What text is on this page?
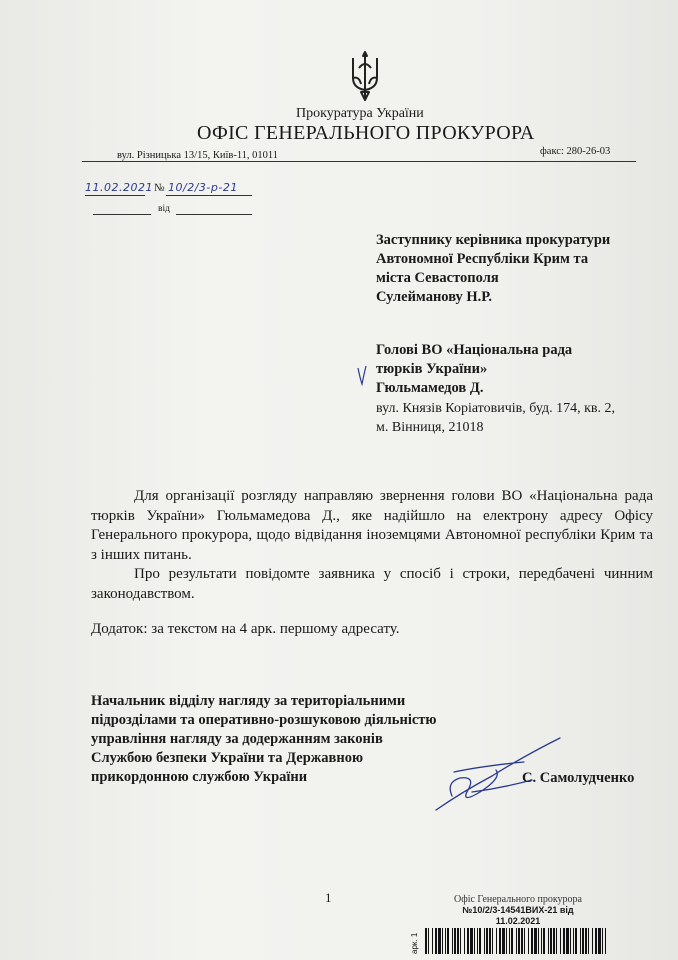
Прокуратура України
ОФІС ГЕНЕРАЛЬНОГО ПРОКУРОРА
вул. Різницька 13/15, Київ-11, 01011	факс: 280-26-03
11.02.2021 № 10/2/3-р-21
від
Заступнику керівника прокуратури
Автономної Республіки Крим та
міста Севастополя
Сулейманову Н.Р.
Голові ВО «Національна рада
тюрків України»
Гюльмамедов Д.
вул. Князів Коріатовичів, буд. 174, кв. 2,
м. Вінниця, 21018
Для організації розгляду направляю звернення голови ВО «Національна рада тюрків України» Гюльмамедова Д., яке надійшло на електрону адресу Офісу Генерального прокурора, щодо відвідання іноземцями Автономної республіки Крим та з інших питань.
Про результати повідомте заявника у спосіб і строки, передбачені чинним законодавством.
Додаток: за текстом на 4 арк. першому адресату.
Начальник відділу нагляду за територіальними
підрозділами та оперативно-розшуковою діяльністю
управління нагляду за додержанням законів
Службою безпеки України та Державною
прикордонною службою України	С. Самолудченко
1	Офіс Генерального прокурора
№10/2/3-14541ВИХ-21 від
11.02.2021
арк. 1
